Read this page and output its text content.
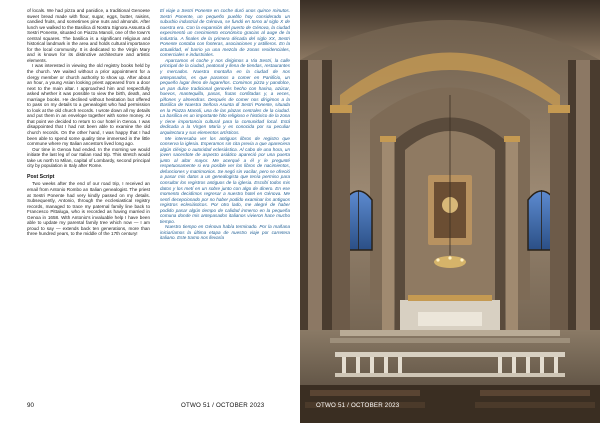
of locals. We had pizza and panidice, a traditional Genoese sweet bread made with flour, sugar, eggs, butter, raisins, candied fruits, and sometimes pine nuts and almonds. After lunch we walked to the Basilica di Nostra Signora Assunta di Sestri Ponente, situated on Piazza Manoli, one of the town's central squares. The basilica is a significant religious and historical landmark in the area and holds cultural importance for the local community. It is dedicated to the Virgin Mary and is known for its distinctive architecture and artistic elements.

I was interested in viewing the old registry books held by the church. We waited without a prior appointment for a clergy member or church authority to show up. After about an hour, a young Asian looking priest appeared from a door next to the main altar. I approached him and respectfully asked whether it was possible to view the birth, death, and marriage books. He declined without hesitation but offered to pass on my details to a genealogist who had permission to look at the old church records. I wrote down all my details and put them in an envelope together with some money. At that point we decided to return to our hotel in Genoa. I was disappointed that I had not been able to examine the old church records. On the other hand, I was happy that I had been able to spend some quality time immersed in the little commune where my Italian ancestors lived long ago.

Our time in Genoa had ended. In the morning we would initiate the last leg of our Italian road trip. This stretch would take us north to Milan, capital of Lombardy, second principal city by population in Italy after Rome.

Post Script

Two weeks after the end of our road trip, I received an email from Antonio Rombo an Italian genealogist. The priest at Sestri Ponente had very kindly passed on my details. Subsequently, Antonio, through the ecclesiastical registry records, managed to trace my paternal family line back to Francesco Pittaluga, who is recorded as having married in Genoa in 1658. With Antonio's invaluable help I have been able to update my parental family tree which now — I am proud to say — extends back ten generations, more than three hundred years, to the middle of the 17th century!

El viaje a Sestri Ponente en coche duró unos quince minutos. Sestri Ponente, un pequeño pueblo hoy considerado un suburbio industrial de Génova, se fundó en torno al siglo X de nuestra era. Con la expansión del puerto de Génova, la ciudad experimentó un crecimiento económico gracias al auge de la industria. A finales de la primera década del siglo XX, Sestri Ponente contaba con fonteras, asociaciones y astilleros. En la actualidad, el barrio ya una mezcla de zonas residenciales, comerciales e industriales.

Aparcamos el coche y nos dirigimos a Via Sestri, la calle principal de la ciudad, peatonal y llena de tiendas, restaurantes y mercados. Nuestra montaña en la ciudad de nos antepasados, es que paramos a comer en Panificio, un pequeño lugar lleno de lugareños. Comimos pizza y pandolce, un pan dulce tradicional genovés hecho con harina, azúcar, huevos, mantequilla, pasas, frutas confitadas y, a veces, piñones y almendras. Después de comer nos dirigimos a la Basílica de Nuestra Señora Asunta di Sestri Ponente, situada en la Piazza Manoli, una de las plazas centrales de la ciudad. La basílica es un importante hito religioso e histórico de la zona y tiene importancia cultural para la comunidad local. Está dedicada a la Virgen María y es conocida por su peculiar arquitectura y sus elementos artísticos.

Me interesaba ver los antiguos libros de registro que conserva la iglesia. Esperamos sin cita previa a que apareciera algún clérigo o autoridad eclesiástica. Al cabo de una hora, un joven sacerdote de aspecto asiático apareció por una puerta junto al altar mayor. Me acerqué a él y le pregunté respetuosamente si era posible ver los libros de nacimientos, defunciones y matrimonios. Se negó sin vacilar, pero se ofreció a pasar mis datos a un genealogista que tenía permiso para consultar los registros antiguos de la iglesia. Escribí todos mis datos y los metí en un sobre junto con algo de dinero. En ese momento decidimos regresar a nuestro hotel en Génova. Me sentí decepcionado por no haber podido examinar los antiguos registros eclesiásticos. Por otro lado, me alegré de haber podido pasar algún tiempo de calidad inmerso en la pequeña comuna donde mis antepasados italianos vivieron hace mucho tiempo.

Nuestro tiempo en Génova había terminado. Por la mañana iniciaríamos la última etapa de nuestro viaje por carretera italiano. Este tramo nos llevaría

90	OTWO 51 / OCTOBER 2023	OTWO 51 / OCTOBER 2023
